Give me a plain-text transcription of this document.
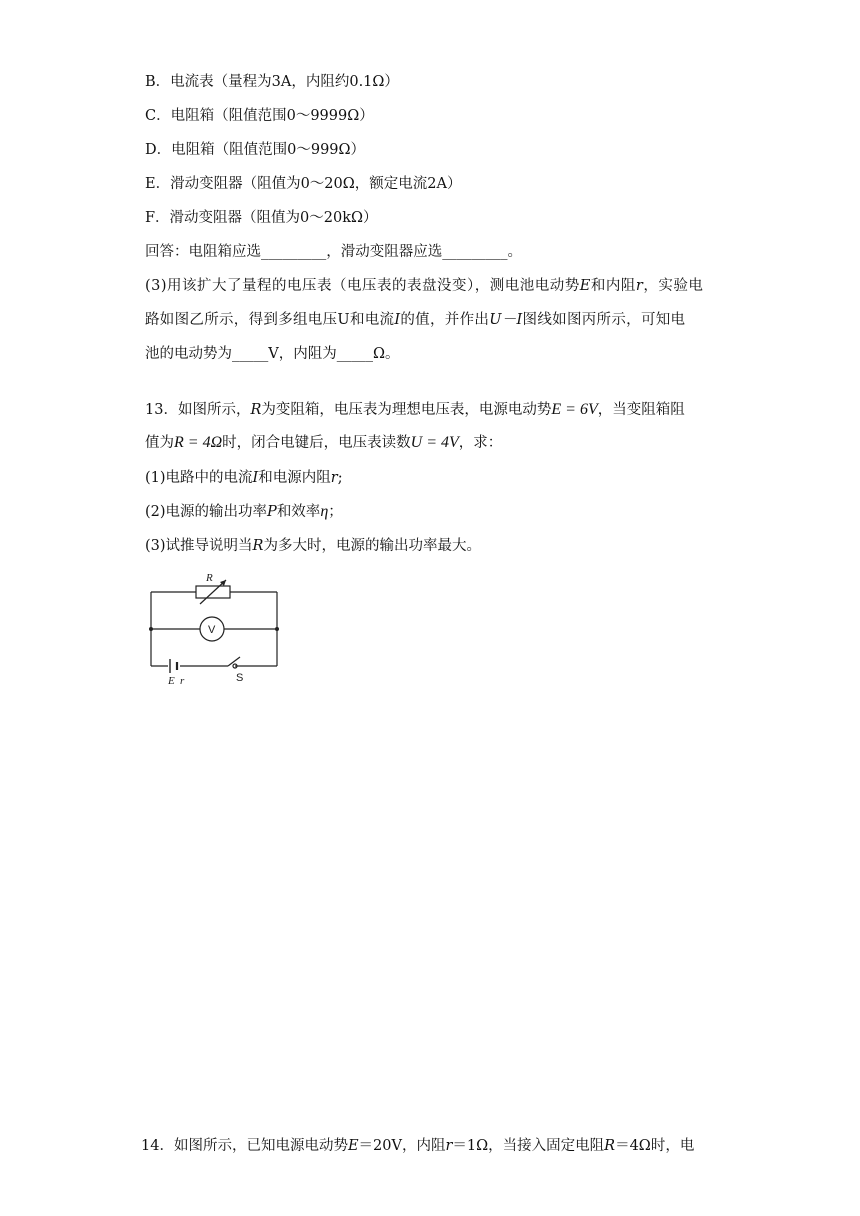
B．电流表（量程为3A，内阻约0.1Ω）
C．电阻箱（阻值范围0～9999Ω）
D．电阻箱（阻值范围0～999Ω）
E．滑动变阻器（阻值为0～20Ω，额定电流2A）
F．滑动变阻器（阻值为0～20kΩ）
回答：电阻箱应选_________，滑动变阻器应选_________。
(3)用该扩大了量程的电压表（电压表的表盘没变），测电池电动势E和内阻r，实验电
路如图乙所示，得到多组电压U和电流I的值，并作出U－I图线如图丙所示，可知电
池的电动势为_____V，内阻为_____Ω。
13．如图所示，R为变阻箱，电压表为理想电压表，电源电动势E = 6V，当变阻箱阻
值为R = 4Ω时，闭合电键后，电压表读数U = 4V，求：
(1)电路中的电流I和电源内阻r;
(2)电源的输出功率P和效率η；
(3)试推导说明当R为多大时，电源的输出功率最大。
R
E r
V
S
14．如图所示，已知电源电动势E＝20V，内阻r＝1Ω，当接入固定电阻R＝4Ω时，电
